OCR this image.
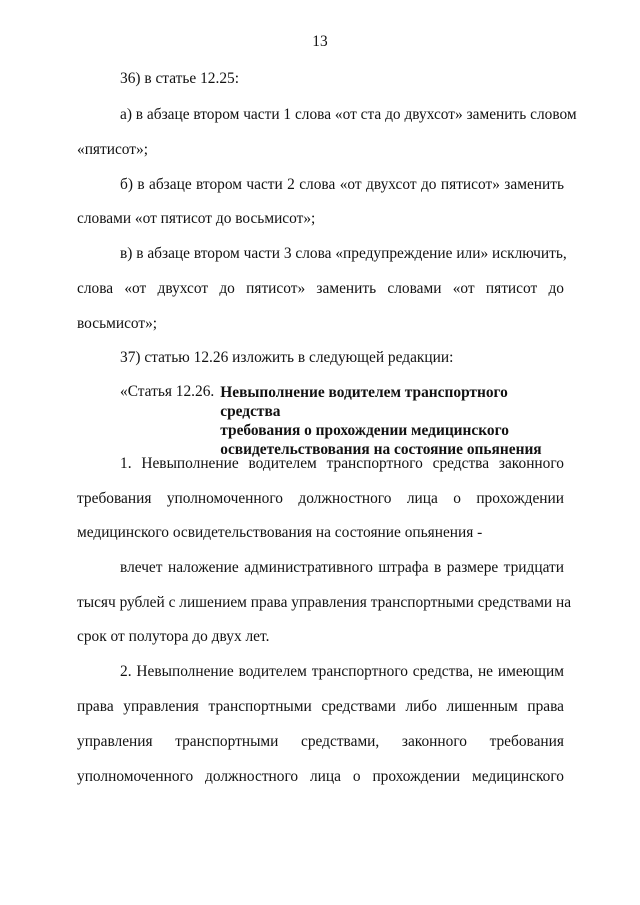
13
36) в статье 12.25:
а) в абзаце втором части 1 слова «от ста до двухсот» заменить словом
«пятисот»;
б) в абзаце втором части 2 слова «от двухсот до пятисот» заменить
словами «от пятисот до восьмисот»;
в) в абзаце втором части 3 слова «предупреждение или» исключить,
слова «от двухсот до пятисот» заменить словами «от пятисот до
восьмисот»;
37) статью 12.26 изложить в следующей редакции:
«Статья 12.26. Невыполнение водителем транспортного средства
требования о прохождении медицинского
освидетельствования на состояние опьянения
1. Невыполнение водителем транспортного средства законного
требования уполномоченного должностного лица о прохождении
медицинского освидетельствования на состояние опьянения -
влечет наложение административного штрафа в размере тридцати
тысяч рублей с лишением права управления транспортными средствами на
срок от полутора до двух лет.
2. Невыполнение водителем транспортного средства, не имеющим
права управления транспортными средствами либо лишенным права
управления транспортными средствами, законного требования
уполномоченного должностного лица о прохождении медицинского
